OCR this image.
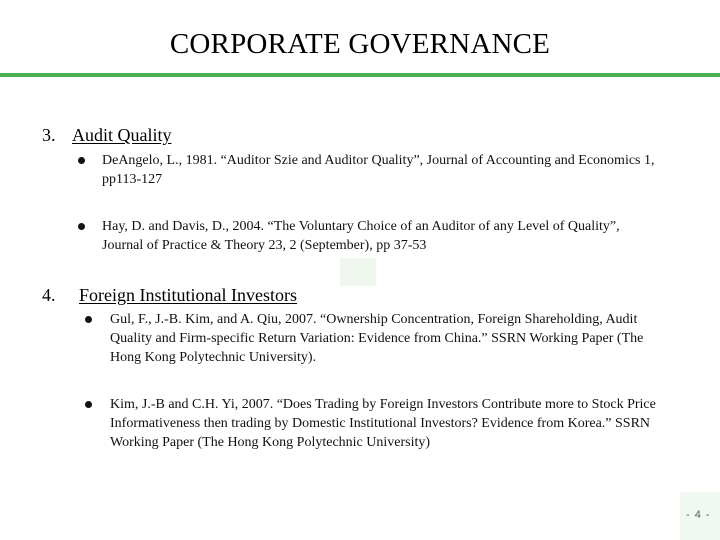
CORPORATE GOVERNANCE
3. Audit Quality
DeAngelo, L., 1981. “Auditor Szie and Auditor Quality”, Journal of Accounting and Economics 1, pp113-127
Hay, D. and Davis, D., 2004. “The Voluntary Choice of an Auditor of any Level of Quality”, Journal of Practice & Theory 23, 2 (September), pp 37-53
4. Foreign Institutional Investors
Gul, F., J.-B. Kim, and A. Qiu, 2007. “Ownership Concentration, Foreign Shareholding, Audit Quality and Firm-specific Return Variation: Evidence from China.” SSRN Working Paper (The Hong Kong Polytechnic University).
Kim, J.-B and C.H. Yi, 2007. “Does Trading by Foreign Investors Contribute more to Stock Price Informativeness then trading by Domestic Institutional Investors? Evidence from Korea.” SSRN Working Paper (The Hong Kong Polytechnic University)
- 4 -
